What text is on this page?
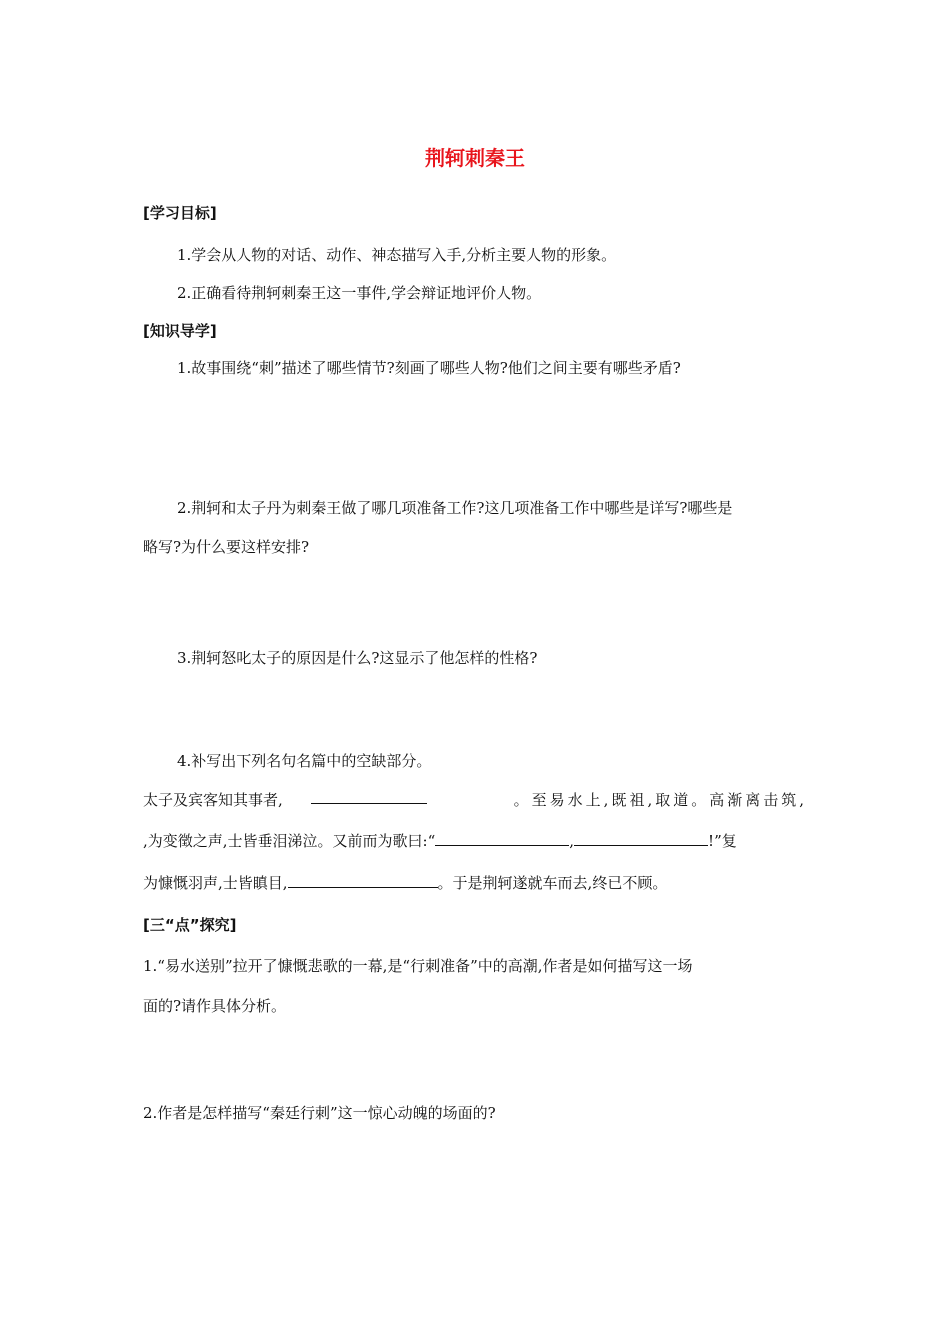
荆轲刺秦王
[学习目标]
1.学会从人物的对话、动作、神态描写入手,分析主要人物的形象。
2.正确看待荆轲刺秦王这一事件,学会辩证地评价人物。
[知识导学]
1.故事围绕“刺”描述了哪些情节?刻画了哪些人物?他们之间主要有哪些矛盾?
2.荆轲和太子丹为刺秦王做了哪几项准备工作?这几项准备工作中哪些是详写?哪些是
略写?为什么要这样安排?
3.荆轲怒叱太子的原因是什么?这显示了他怎样的性格?
4.补写出下列名句名篇中的空缺部分。
太子及宾客知其事者,	。至易水上,既祖,取道。高渐离击筑,
,为变徵之声,士皆垂泪涕泣。又前而为歌曰:“	,	!”复
为慷慨羽声,士皆瞋目,	。于是荆轲遂就车而去,终已不顾。
[三“点”探究]
1.“易水送别”拉开了慷慨悲歌的一幕,是“行刺准备”中的高潮,作者是如何描写这一场
面的?请作具体分析。
2.作者是怎样描写“秦廷行刺”这一惊心动魄的场面的?
